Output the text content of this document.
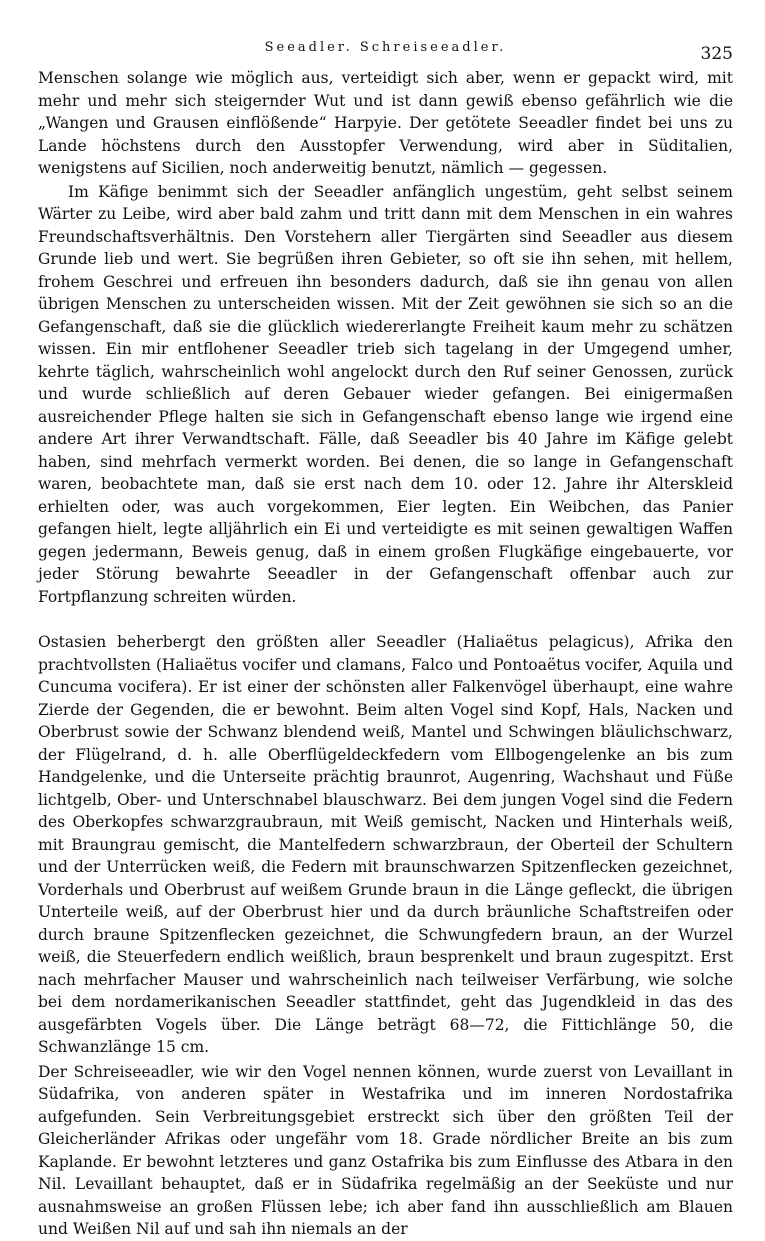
Seeadler. Schreiseeadler.	325

Menschen solange wie möglich aus, verteidigt sich aber, wenn er gepackt wird, mit mehr und mehr sich steigernder Wut und ist dann gewiß ebenso gefährlich wie die „Wangen und Grausen einflößende“ Harpyie. Der getötete Seeadler findet bei uns zu Lande höchstens durch den Ausstopfer Verwendung, wird aber in Süditalien, wenigstens auf Sicilien, noch anderweitig benutzt, nämlich — gegessen.

Im Käfige benimmt sich der Seeadler anfänglich ungestüm, geht selbst seinem Wärter zu Leibe, wird aber bald zahm und tritt dann mit dem Menschen in ein wahres Freundschaftsverhältnis. Den Vorstehern aller Tiergärten sind Seeadler aus diesem Grunde lieb und wert. Sie begrüßen ihren Gebieter, so oft sie ihn sehen, mit hellem, frohem Geschrei und erfreuen ihn besonders dadurch, daß sie ihn genau von allen übrigen Menschen zu unterscheiden wissen. Mit der Zeit gewöhnen sie sich so an die Gefangenschaft, daß sie die glücklich wiedererlangte Freiheit kaum mehr zu schätzen wissen. Ein mir entflohener Seeadler trieb sich tagelang in der Umgegend umher, kehrte täglich, wahrscheinlich wohl angelockt durch den Ruf seiner Genossen, zurück und wurde schließlich auf deren Gebauer wieder gefangen. Bei einigermaßen ausreichender Pflege halten sie sich in Gefangenschaft ebenso lange wie irgend eine andere Art ihrer Verwandtschaft. Fälle, daß Seeadler bis 40 Jahre im Käfige gelebt haben, sind mehrfach vermerkt worden. Bei denen, die so lange in Gefangenschaft waren, beobachtete man, daß sie erst nach dem 10. oder 12. Jahre ihr Alterskleid erhielten oder, was auch vorgekommen, Eier legten. Ein Weibchen, das Panier gefangen hielt, legte alljährlich ein Ei und verteidigte es mit seinen gewaltigen Waffen gegen jedermann, Beweis genug, daß in einem großen Flugkäfige eingebauerte, vor jeder Störung bewahrte Seeadler in der Gefangenschaft offenbar auch zur Fortpflanzung schreiten würden.

Ostasien beherbergt den größten aller Seeadler (Haliaëtus pelagicus), Afrika den prachtvollsten (Haliaëtus vocifer und clamans, Falco und Pontoaëtus vocifer, Aquila und Cuncuma vocifera). Er ist einer der schönsten aller Falkenvögel überhaupt, eine wahre Zierde der Gegenden, die er bewohnt. Beim alten Vogel sind Kopf, Hals, Nacken und Oberbrust sowie der Schwanz blendend weiß, Mantel und Schwingen bläulichschwarz, der Flügelrand, d. h. alle Oberflügeldeckfedern vom Ellbogengelenke an bis zum Handgelenke, und die Unterseite prächtig braunrot, Augenring, Wachshaut und Füße lichtgelb, Ober- und Unterschnabel blauschwarz. Bei dem jungen Vogel sind die Federn des Oberkopfes schwarzgraubraun, mit Weiß gemischt, Nacken und Hinterhals weiß, mit Braungrau gemischt, die Mantelfedern schwarzbraun, der Oberteil der Schultern und der Unterrücken weiß, die Federn mit braunschwarzen Spitzenflecken gezeichnet, Vorderhals und Oberbrust auf weißem Grunde braun in die Länge gefleckt, die übrigen Unterteile weiß, auf der Oberbrust hier und da durch bräunliche Schaftstreifen oder durch braune Spitzenflecken gezeichnet, die Schwungfedern braun, an der Wurzel weiß, die Steuerfedern endlich weißlich, braun besprenkelt und braun zugespitzt. Erst nach mehrfacher Mauser und wahrscheinlich nach teilweiser Verfärbung, wie solche bei dem nordamerikanischen Seeadler stattfindet, geht das Jugendkleid in das des ausgefärbten Vogels über. Die Länge beträgt 68—72, die Fittichlänge 50, die Schwanzlänge 15 cm.

Der Schreiseeadler, wie wir den Vogel nennen können, wurde zuerst von Levaillant in Südafrika, von anderen später in Westafrika und im inneren Nordostafrika aufgefunden. Sein Verbreitungsgebiet erstreckt sich über den größten Teil der Gleicherländer Afrikas oder ungefähr vom 18. Grade nördlicher Breite an bis zum Kaplande. Er bewohnt letzteres und ganz Ostafrika bis zum Einflusse des Atbara in den Nil. Levaillant behauptet, daß er in Südafrika regelmäßig an der Seeküste und nur ausnahmsweise an großen Flüssen lebe; ich aber fand ihn ausschließlich am Blauen und Weißen Nil auf und sah ihn niemals an der
